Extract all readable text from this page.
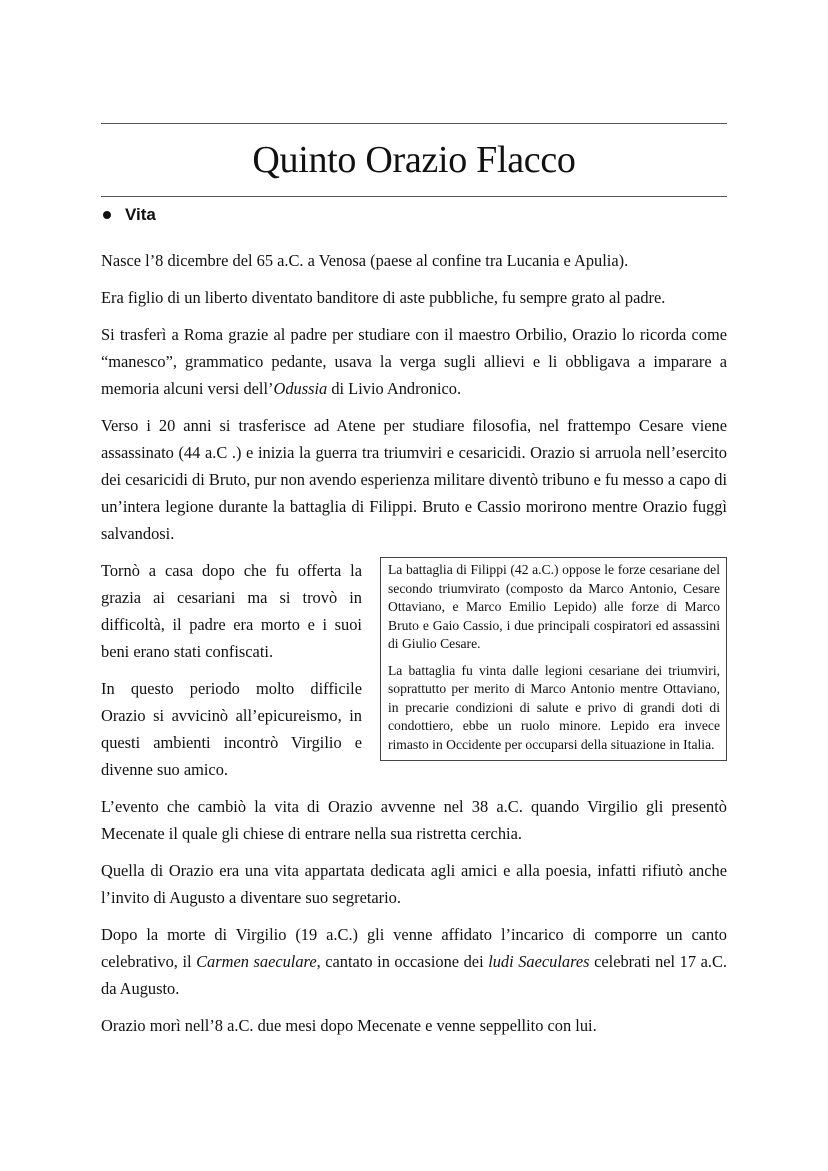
Quinto Orazio Flacco
Vita

Nasce l’8 dicembre del 65 a.C. a Venosa (paese al confine tra Lucania e Apulia).

Era figlio di un liberto diventato banditore di aste pubbliche, fu sempre grato al padre.

Si trasferì a Roma grazie al padre per studiare con il maestro Orbilio, Orazio lo ricorda come “manesco”, grammatico pedante, usava la verga sugli allievi e li obbligava a imparare a memoria alcuni versi dell’Odussia di Livio Andronico.

Verso i 20 anni si trasferisce ad Atene per studiare filosofia, nel frattempo Cesare viene assassinato (44 a.C .) e inizia la guerra tra triumviri e cesaricidi. Orazio si arruola nell’esercito dei cesaricidi di Bruto, pur non avendo esperienza militare diventò tribuno e fu messo a capo di un’intera legione durante la battaglia di Filippi. Bruto e Cassio morirono mentre Orazio fuggì salvandosi.

La battaglia di Filippi (42 a.C.) oppose le forze cesariane del secondo triumvirato (composto da Marco Antonio, Cesare Ottaviano, e Marco Emilio Lepido) alle forze di Marco Bruto e Gaio Cassio, i due principali cospiratori ed assassini di Giulio Cesare.

La battaglia fu vinta dalle legioni cesariane dei triumviri, soprattutto per merito di Marco Antonio mentre Ottaviano, in precarie condizioni di salute e privo di grandi doti di condottiero, ebbe un ruolo minore. Lepido era invece rimasto in Occidente per occuparsi della situazione in Italia.

Tornò a casa dopo che fu offerta la grazia ai cesariani ma si trovò in difficoltà, il padre era morto e i suoi beni erano stati confiscati.

In questo periodo molto difficile Orazio si avvicinò all’epicureismo, in questi ambienti incontrò Virgilio e divenne suo amico.

L’evento che cambiò la vita di Orazio avvenne nel 38 a.C. quando Virgilio gli presentò Mecenate il quale gli chiese di entrare nella sua ristretta cerchia.

Quella di Orazio era una vita appartata dedicata agli amici e alla poesia, infatti rifiutò anche l’invito di Augusto a diventare suo segretario.

Dopo la morte di Virgilio (19 a.C.) gli venne affidato l’incarico di comporre un canto celebrativo, il Carmen saeculare, cantato in occasione dei ludi Saeculares celebrati nel 17 a.C. da Augusto.

Orazio morì nell’8 a.C. due mesi dopo Mecenate e venne seppellito con lui.
